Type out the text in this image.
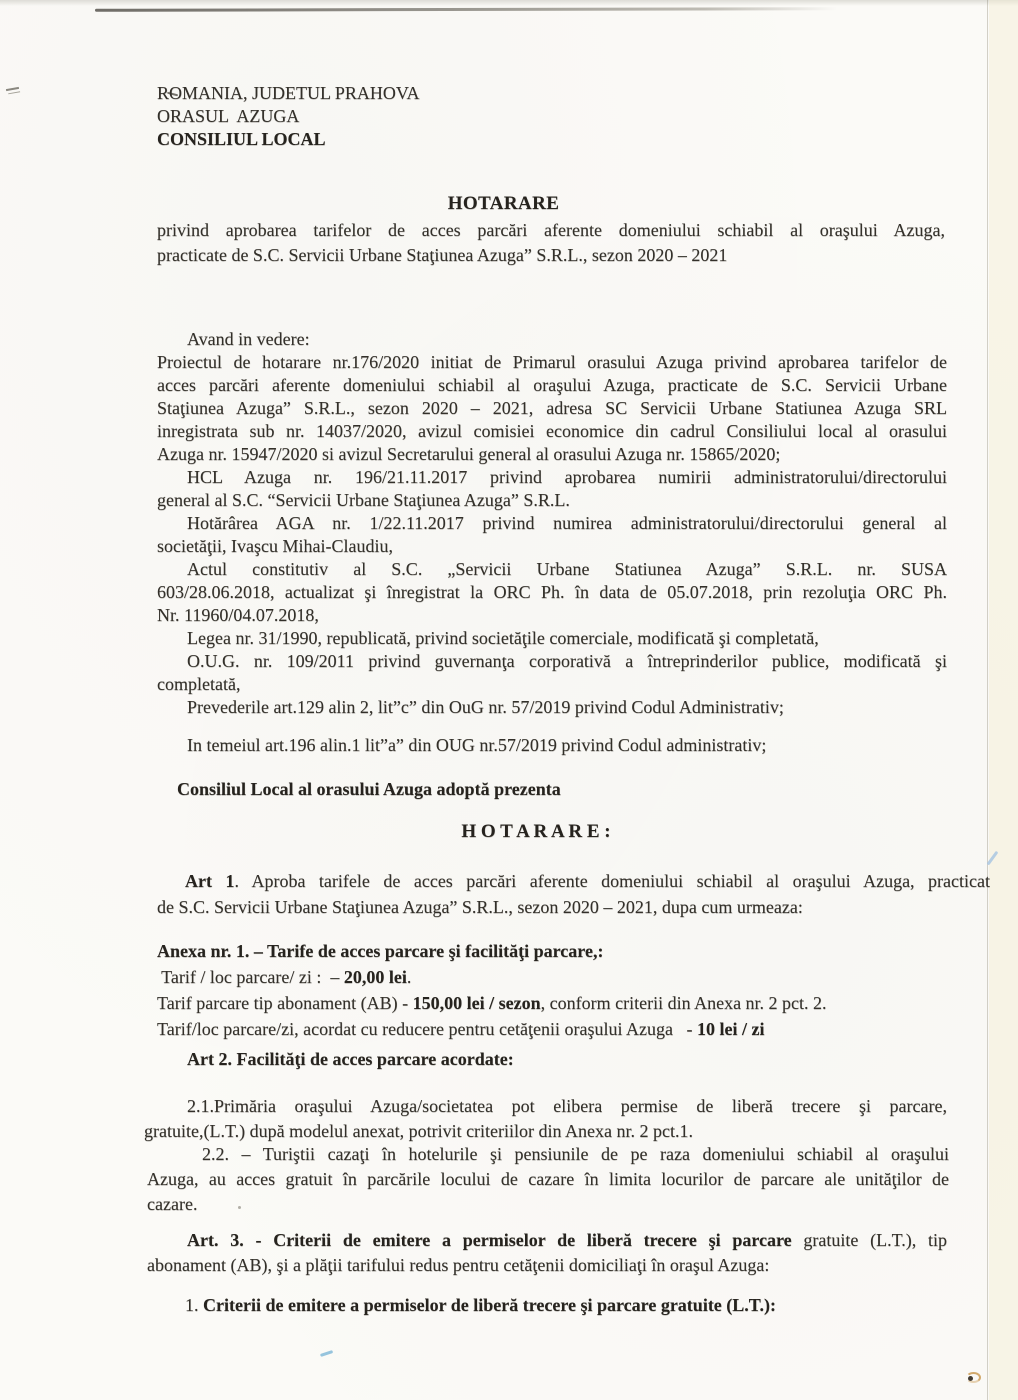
ROMANIA, JUDETUL PRAHOVA
ORASUL  AZUGA
CONSILIUL LOCAL
HOTARARE
privind aprobarea tarifelor de acces parcări aferente domeniului schiabil al oraşului Azuga,
practicate de S.C. Servicii Urbane Staţiunea Azuga” S.R.L., sezon 2020 – 2021
Avand in vedere:
Proiectul de hotarare nr.176/2020 initiat de Primarul orasului Azuga privind aprobarea tarifelor de
acces parcări aferente domeniului schiabil al oraşului Azuga, practicate de S.C. Servicii Urbane
Staţiunea Azuga” S.R.L., sezon 2020 – 2021, adresa SC Servicii Urbane Statiunea Azuga SRL
inregistrata sub nr. 14037/2020, avizul comisiei economice din cadrul Consiliului local al orasului
Azuga nr. 15947/2020 si avizul Secretarului general al orasului Azuga nr. 15865/2020;
HCL Azuga nr. 196/21.11.2017 privind aprobarea numirii administratorului/directorului
general al S.C. “Servicii Urbane Staţiunea Azuga” S.R.L.
Hotărârea AGA nr. 1/22.11.2017 privind numirea administratorului/directorului general al
societăţii, Ivaşcu Mihai-Claudiu,
Actul constitutiv al S.C. „Servicii Urbane Statiunea Azuga” S.R.L. nr. SUSA
603/28.06.2018, actualizat şi înregistrat la ORC Ph. în data de 05.07.2018, prin rezoluţia ORC Ph.
Nr. 11960/04.07.2018,
Legea nr. 31/1990, republicată, privind societăţile comerciale, modificată şi completată,
O.U.G. nr. 109/2011 privind guvernanţa corporativă a întreprinderilor publice, modificată şi
completată,
Prevederile art.129 alin 2, lit”c” din OuG nr. 57/2019 privind Codul Administrativ;
In temeiul art.196 alin.1 lit”a” din OUG nr.57/2019 privind Codul administrativ;
Consiliul Local al orasului Azuga adoptă prezenta
H O T A R A R E :
Art 1. Aproba tarifele de acces parcări aferente domeniului schiabil al oraşului Azuga, practicat
de S.C. Servicii Urbane Staţiunea Azuga” S.R.L., sezon 2020 – 2021, dupa cum urmeaza:
Anexa nr. 1. – Tarife de acces parcare şi facilităţi parcare,:
Tarif / loc parcare/ zi :  – 20,00 lei.
Tarif parcare tip abonament (AB) - 150,00 lei / sezon, conform criterii din Anexa nr. 2 pct. 2.
Tarif/loc parcare/zi, acordat cu reducere pentru cetăţenii oraşului Azuga   - 10 lei / zi
Art 2. Facilităţi de acces parcare acordate:
2.1.Primăria oraşului Azuga/societatea pot elibera permise de liberă trecere şi parcare,
gratuite,(L.T.) după modelul anexat, potrivit criteriilor din Anexa nr. 2 pct.1.
2.2. – Turiştii cazaţi în hotelurile şi pensiunile de pe raza domeniului schiabil al oraşului
Azuga, au acces gratuit în parcările locului de cazare în limita locurilor de parcare ale unităţilor de
cazare.
Art. 3. - Criterii de emitere a permiselor de liberă trecere şi parcare gratuite (L.T.), tip
abonament (AB), şi a plăţii tarifului redus pentru cetăţenii domiciliaţi în oraşul Azuga:
1. Criterii de emitere a permiselor de liberă trecere şi parcare gratuite (L.T.):
